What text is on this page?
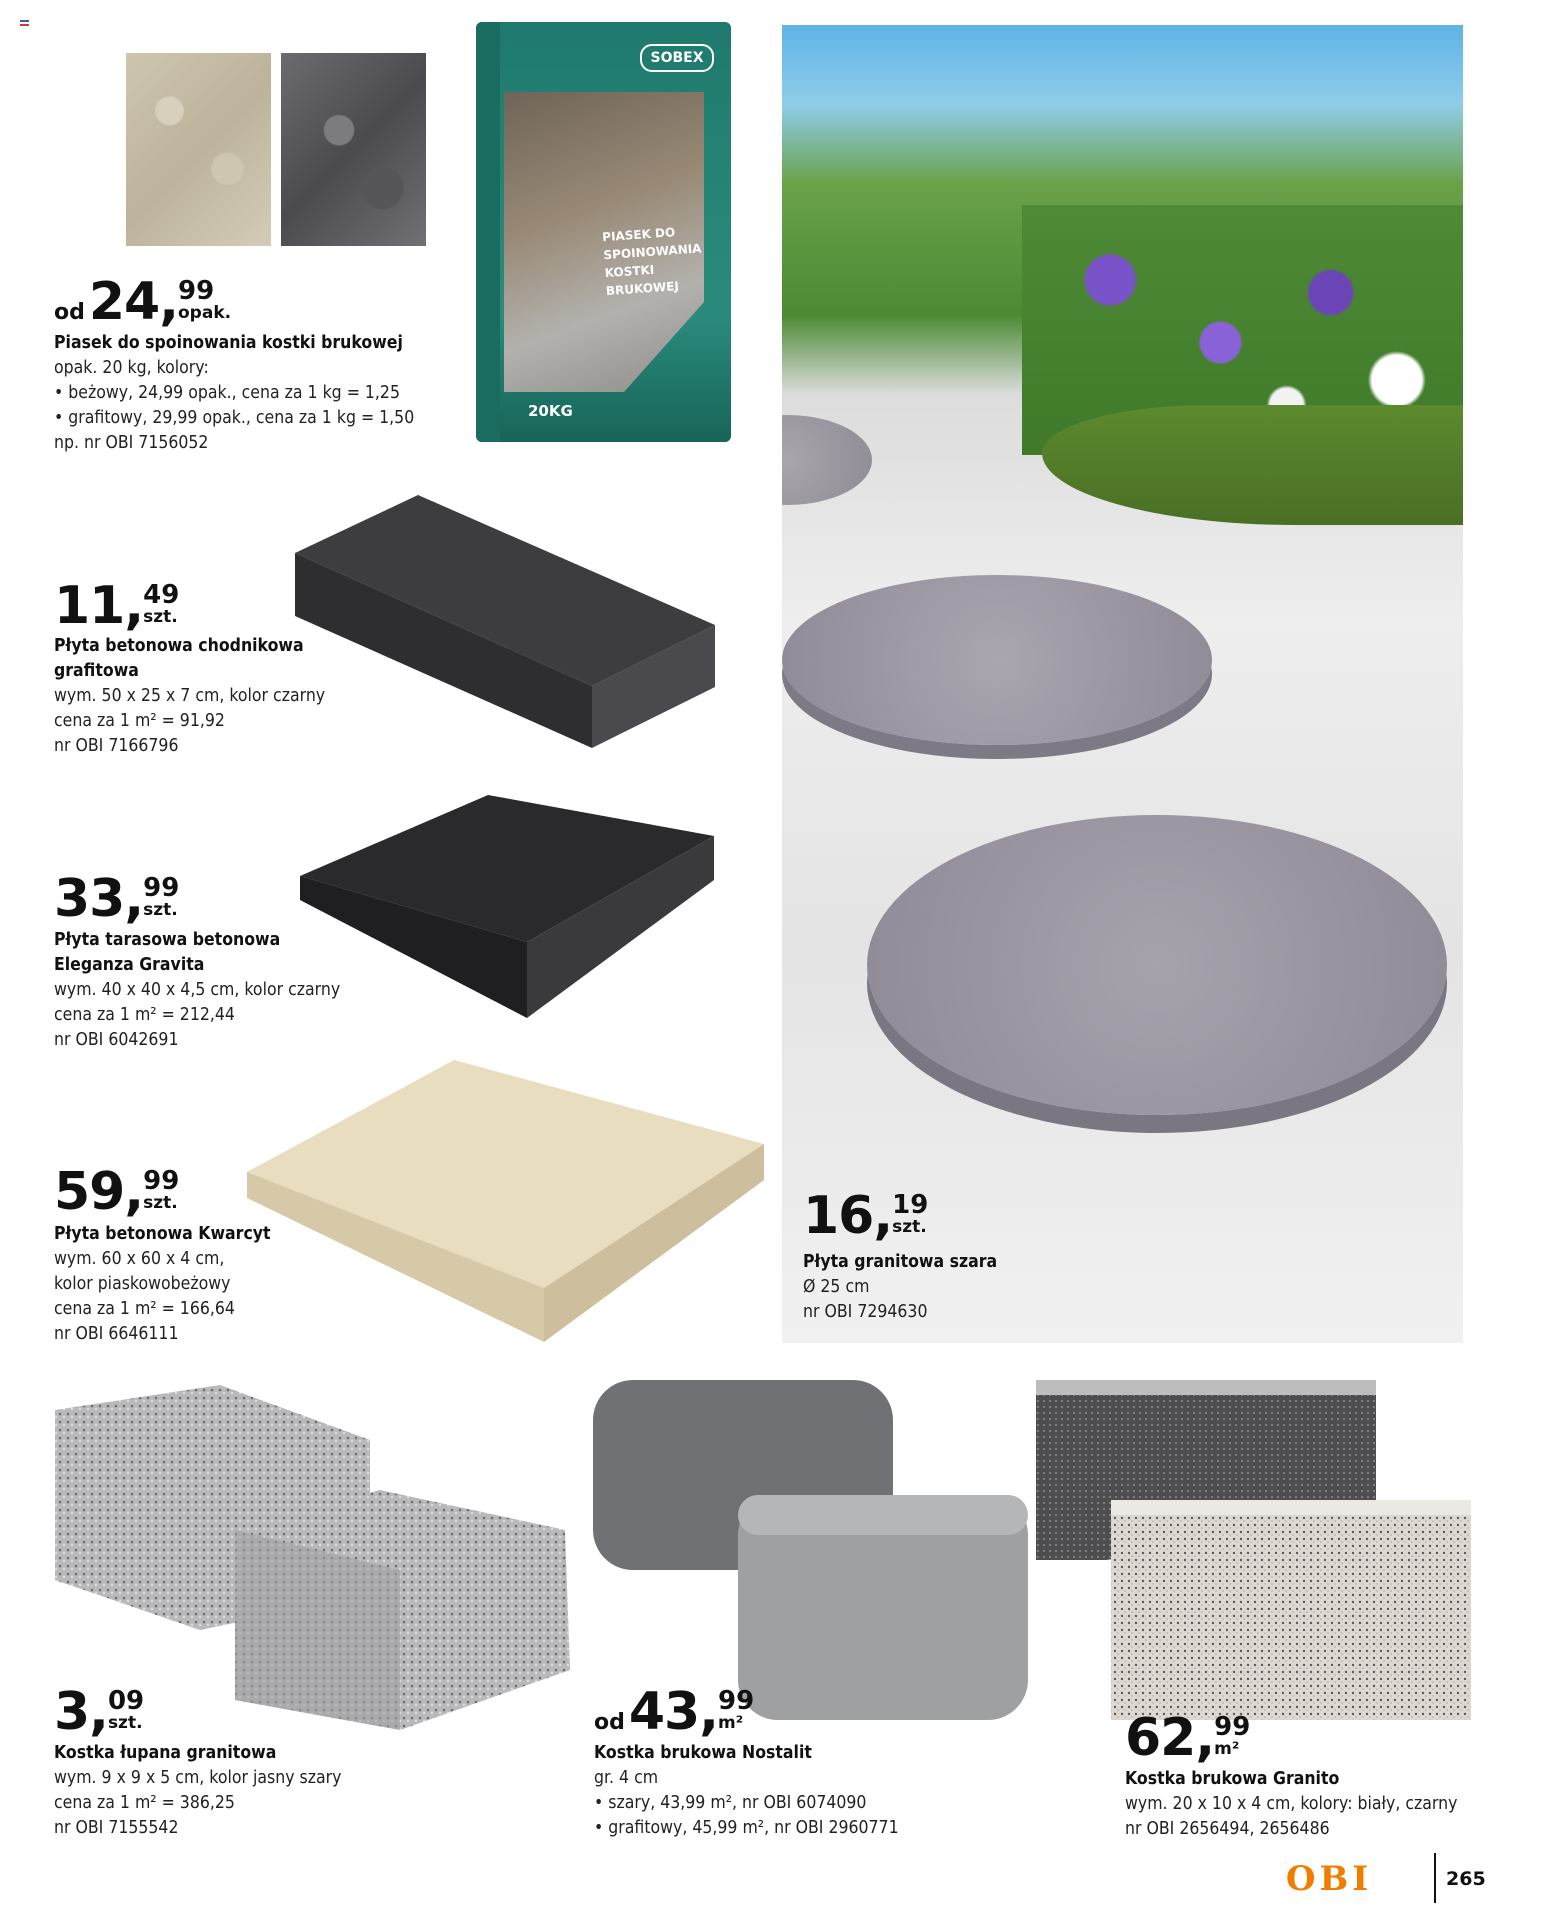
SOBEX
PIASEK DO
SPOINOWANIA
KOSTKI BRUKOWEJ
20KG
od24, 99
opak.
Piasek do spoinowania kostki brukowej
opak. 20 kg, kolory:
• beżowy, 24,99 opak., cena za 1 kg = 1,25
• grafitowy, 29,99 opak., cena za 1 kg = 1,50
np. nr OBI 7156052
11, 49
szt.
Płyta betonowa chodnikowa
grafitowa
wym. 50 x 25 x 7 cm, kolor czarny
cena za 1 m² = 91,92
nr OBI 7166796
33, 99
szt.
Płyta tarasowa betonowa
Eleganza Gravita
wym. 40 x 40 x 4,5 cm, kolor czarny
cena za 1 m² = 212,44
nr OBI 6042691
59, 99
szt.
Płyta betonowa Kwarcyt
wym. 60 x 60 x 4 cm,
kolor piaskowobeżowy
cena za 1 m² = 166,64
nr OBI 6646111
16, 19
szt.
Płyta granitowa szara
Ø 25 cm
nr OBI 7294630
3, 09
szt.
Kostka łupana granitowa
wym. 9 x 9 x 5 cm, kolor jasny szary
cena za 1 m² = 386,25
nr OBI 7155542
od43, 99
m²
Kostka brukowa Nostalit
gr. 4 cm
• szary, 43,99 m², nr OBI 6074090
• grafitowy, 45,99 m², nr OBI 2960771
62, 99
m²
Kostka brukowa Granito
wym. 20 x 10 x 4 cm, kolory: biały, czarny
nr OBI 2656494, 2656486
OBI	265
